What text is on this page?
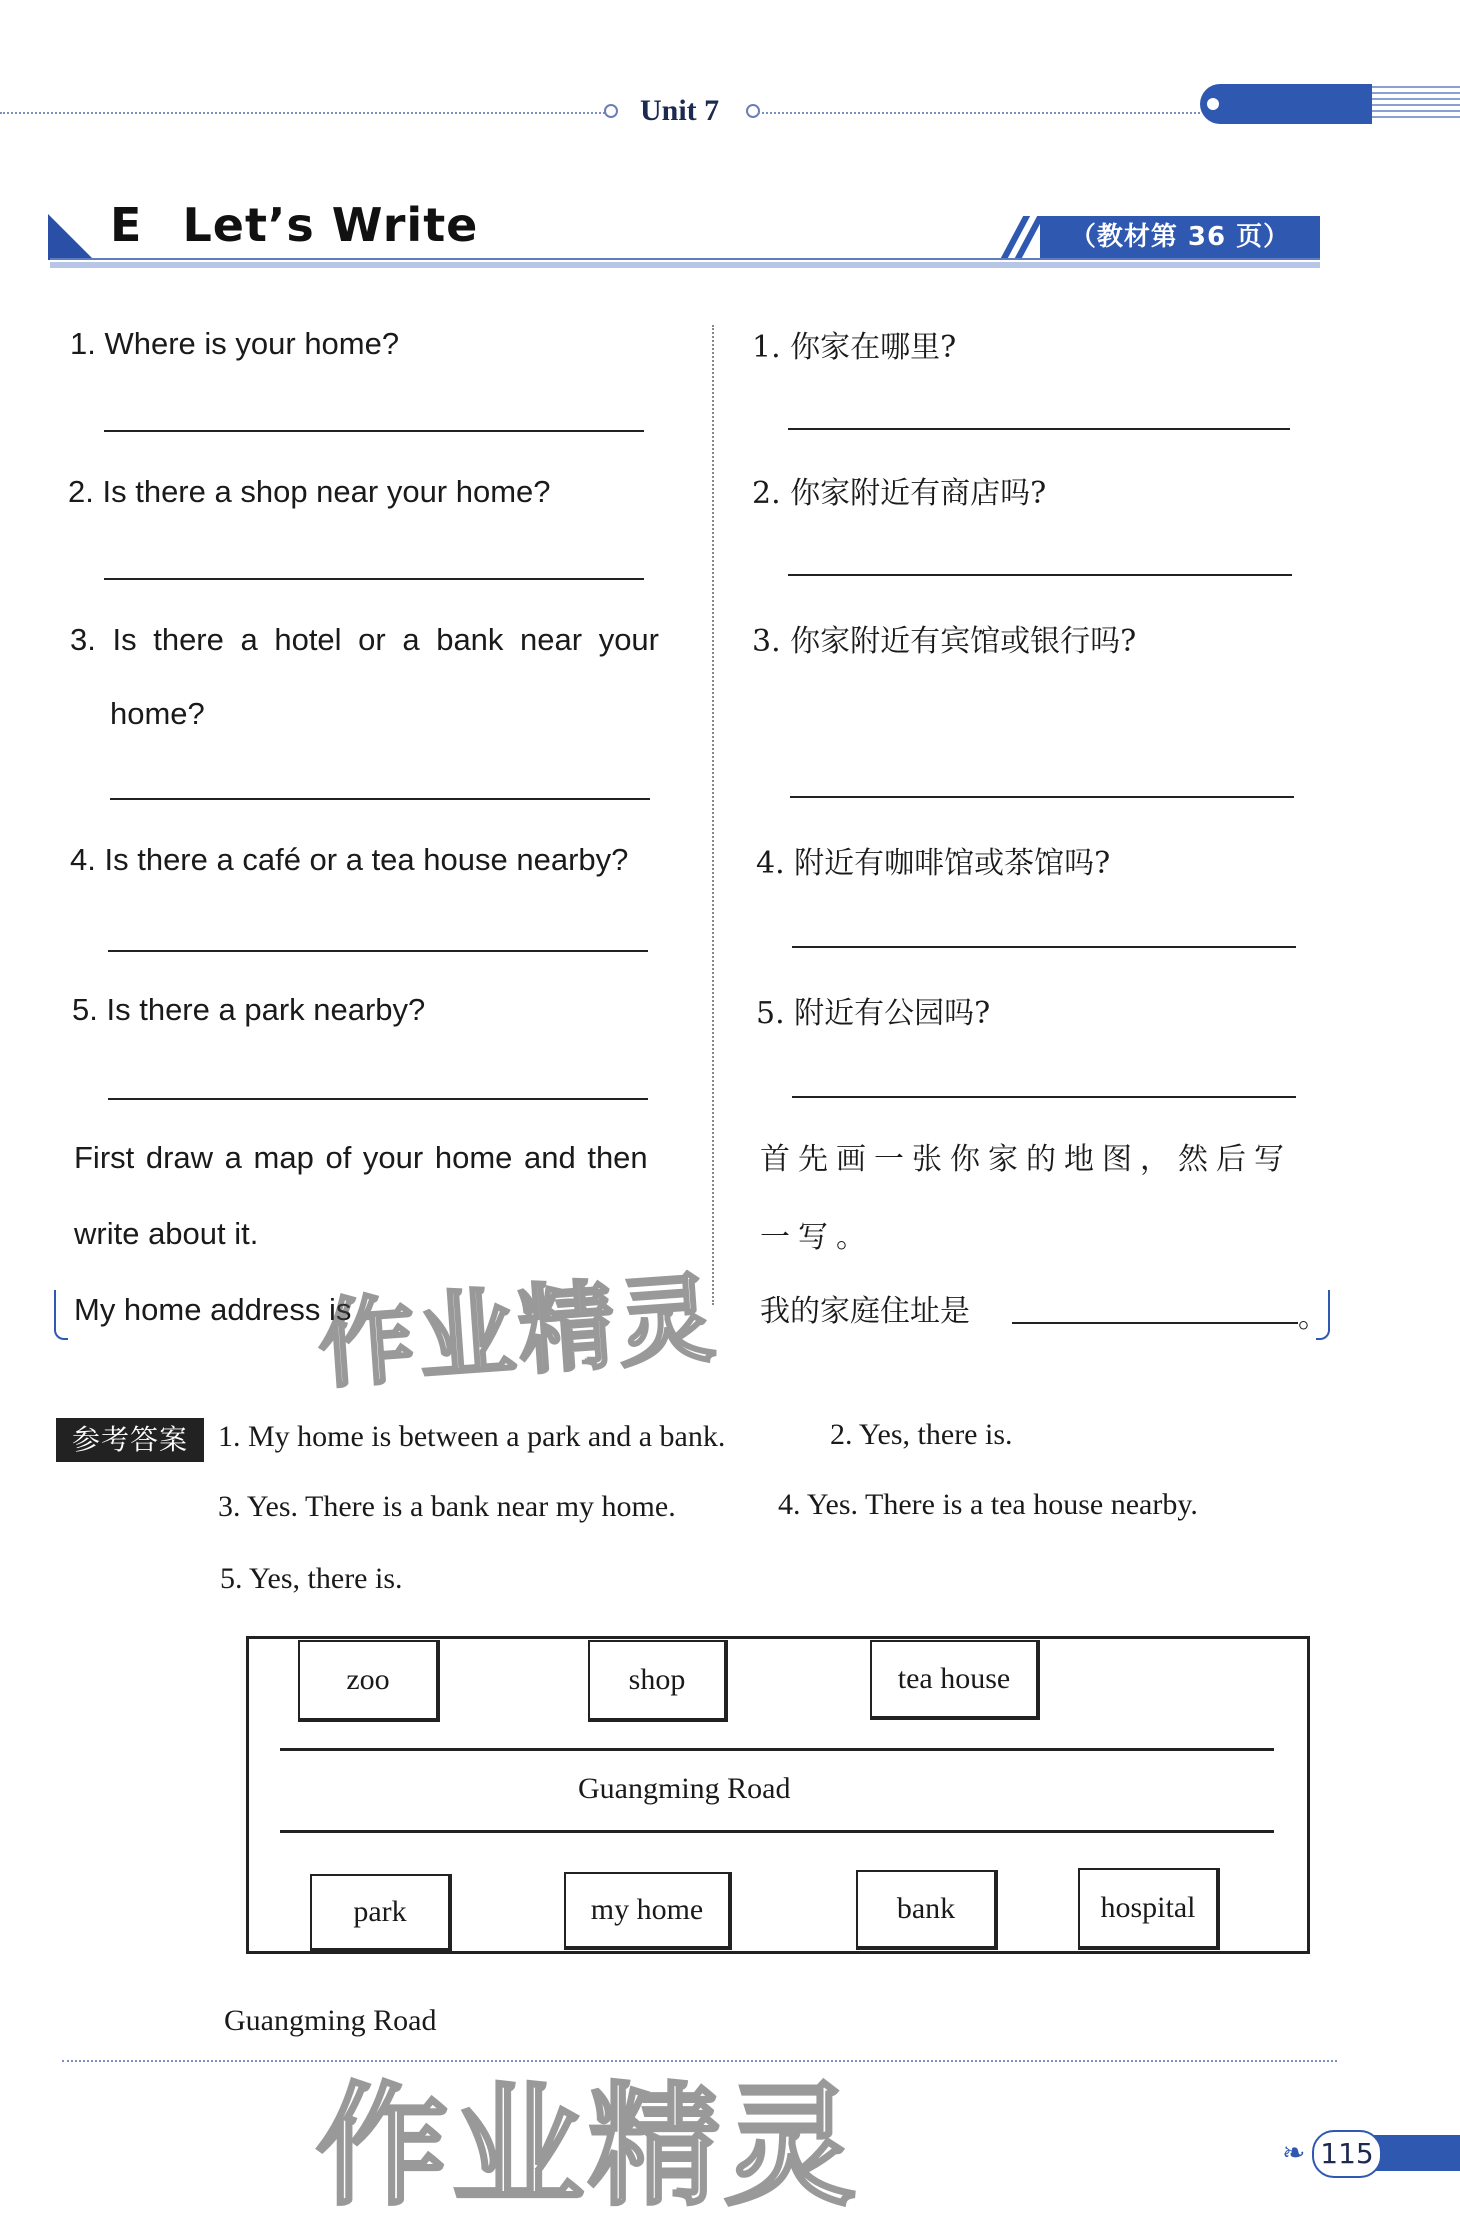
Unit 7
E Let’s Write	（教材第 36 页）
1. Where is your home?
2. Is there a shop near your home?
3. Is there a hotel or a bank near your
home?
4. Is there a café or a tea house nearby?
5. Is there a park nearby?
First draw a map of your home and then
write about it.
My home address is
1. 你家在哪里?
2. 你家附近有商店吗?
3. 你家附近有宾馆或银行吗?
4. 附近有咖啡馆或茶馆吗?
5. 附近有公园吗?
首先画一张你家的地图，然后写
一写。
我的家庭住址是	。
参考答案	1. My home is between a park and a bank.	2. Yes, there is.
3. Yes. There is a bank near my home.	4. Yes. There is a tea house nearby.
5. Yes, there is.
zoo	shop	tea house
Guangming Road
park	my home	bank	hospital
Guangming Road
作业精灵
作业精灵	❧ 115
